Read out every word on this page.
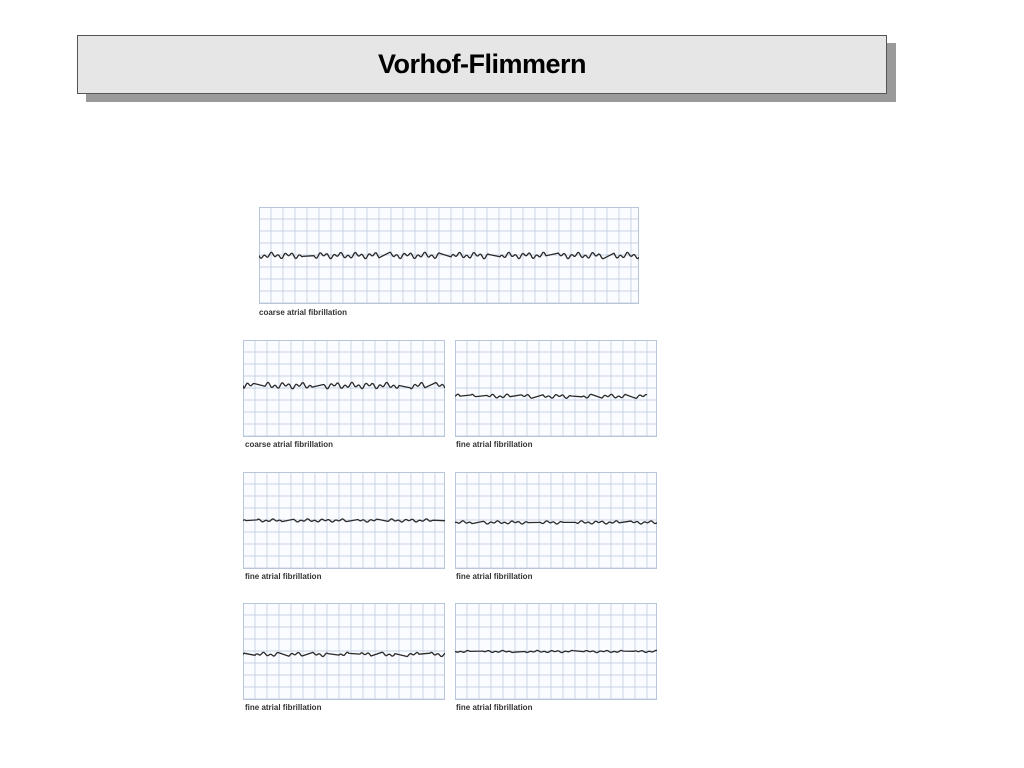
Vorhof-Flimmern
coarse atrial fibrillation
coarse atrial fibrillation	fine atrial fibrillation
fine atrial fibrillation	fine atrial fibrillation
fine atrial fibrillation	fine atrial fibrillation
